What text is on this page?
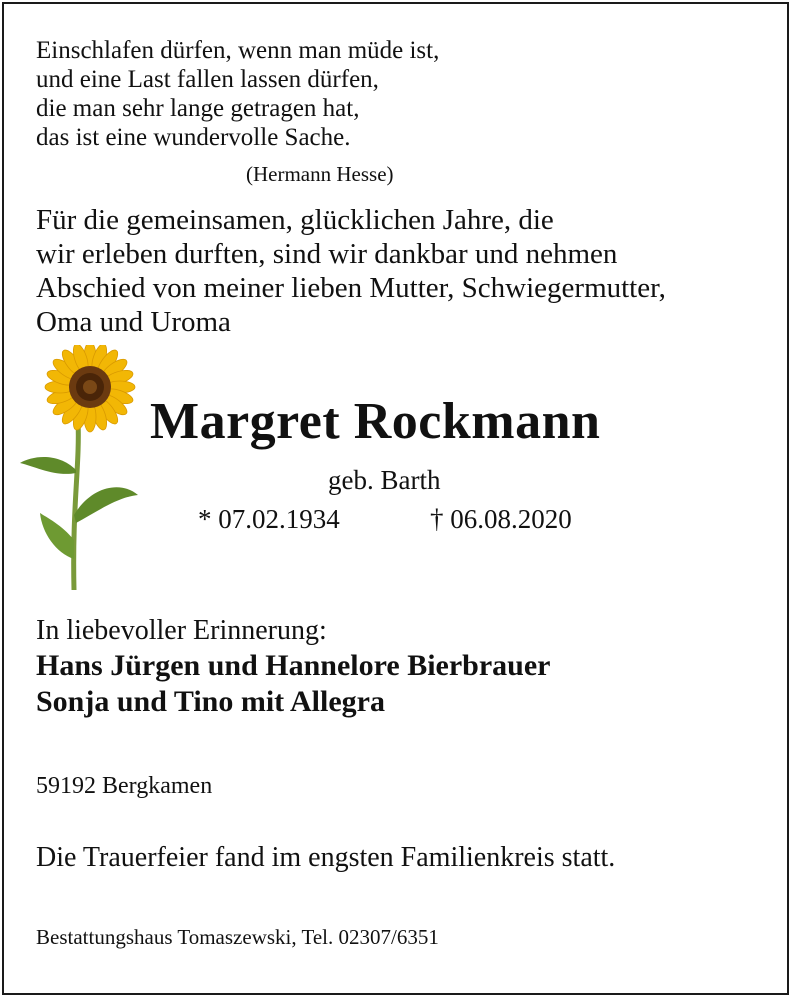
Einschlafen dürfen, wenn man müde ist,
und eine Last fallen lassen dürfen,
die man sehr lange getragen hat,
das ist eine wundervolle Sache.
(Hermann Hesse)
Für die gemeinsamen, glücklichen Jahre, die
wir erleben durften, sind wir dankbar und nehmen
Abschied von meiner lieben Mutter, Schwiegermutter,
Oma und Uroma
Margret Rockmann
geb. Barth
* 07.02.1934	† 06.08.2020
In liebevoller Erinnerung:
Hans Jürgen und Hannelore Bierbrauer
Sonja und Tino mit Allegra
59192 Bergkamen
Die Trauerfeier fand im engsten Familienkreis statt.
Bestattungshaus Tomaszewski, Tel. 02307/6351
